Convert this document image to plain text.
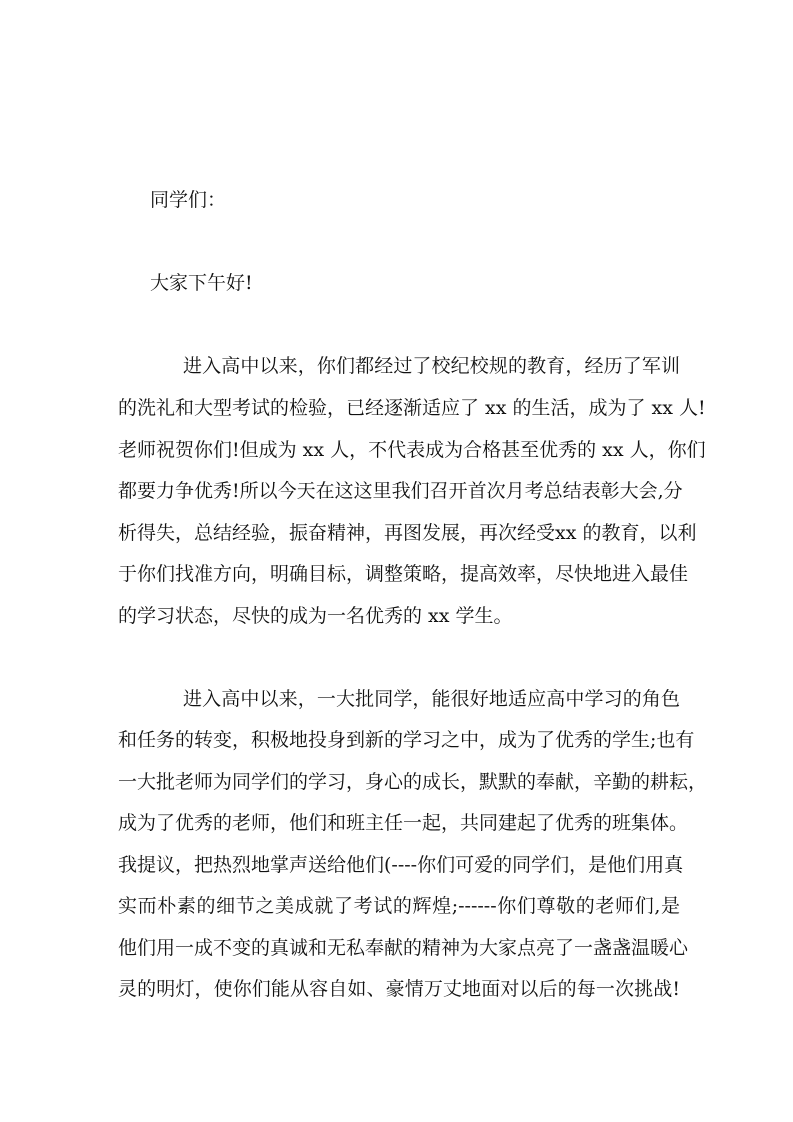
同学们：
大家下午好!
进入高中以来，你们都经过了校纪校规的教育，经历了军训
的洗礼和大型考试的检验，已经逐渐适应了 xx 的生活，成为了 xx 人!
老师祝贺你们!但成为 xx 人，不代表成为合格甚至优秀的 xx 人，你们
都要力争优秀!所以今天在这这里我们召开首次月考总结表彰大会,分
析得失，总结经验，振奋精神，再图发展，再次经受xx 的教育，以利
于你们找准方向，明确目标，调整策略，提高效率，尽快地进入最佳
的学习状态，尽快的成为一名优秀的 xx 学生。
进入高中以来，一大批同学，能很好地适应高中学习的角色
和任务的转变，积极地投身到新的学习之中，成为了优秀的学生;也有
一大批老师为同学们的学习，身心的成长，默默的奉献，辛勤的耕耘，
成为了优秀的老师，他们和班主任一起，共同建起了优秀的班集体。
我提议，把热烈地掌声送给他们(----你们可爱的同学们，是他们用真
实而朴素的细节之美成就了考试的辉煌;------你们尊敬的老师们,是
他们用一成不变的真诚和无私奉献的精神为大家点亮了一盏盏温暖心
灵的明灯，使你们能从容自如、豪情万丈地面对以后的每一次挑战!
